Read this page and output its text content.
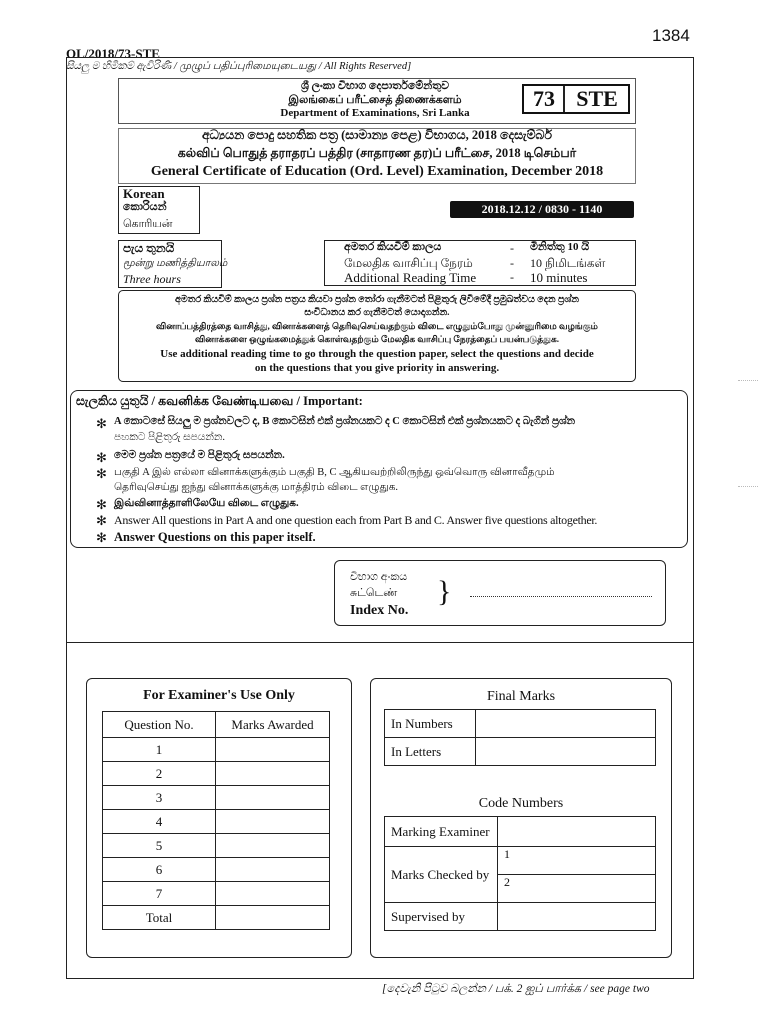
1384
OL/2018/73-STE
සියලු ම හිමිකම් ඇවිරිණි / முழுப் பதிப்புரிமையுடையது / All Rights Reserved]
ශ්‍රී ලංකා විභාග දෙපාර්තමේන්තුව
இலங்கைப் பரீட்சைத் திணைக்களம்
Department of Examinations, Sri Lanka
73 STE
අධ්‍යයන පොදු සහතික පත්‍ර (සාමාන්‍ය පෙළ) විභාගය, 2018 දෙසැම්බර්
கல்விப் பொதுத் தராதரப் பத்திர (சாதாரண தர)ப் பரீட்சை, 2018 டிசெம்பர்
General Certificate of Education (Ord. Level) Examination, December 2018
Korean
කොරියන්
கொரியன்
2018.12.12 / 0830 - 1140
පැය තුනයි
மூன்று மணித்தியாலம்
Three hours
අමතර කියවීම් කාලය	- මිනිත්තු 10 යි
மேலதிக வாசிப்பு நேரம்	- 10 நிமிடங்கள்
Additional Reading Time	- 10 minutes
අමතර කියවීම් කාලය ප්‍රශ්න පත්‍රය කියවා ප්‍රශ්න තෝරා ගැනීමටත් පිළිතුරු ලිවීමේදී ප්‍රමුඛත්වය දෙන ප්‍රශ්න
සංවිධානය කර ගැනීමටත් යොදාගන්න.
வினாப்பத்திரத்தை வாசித்து, வினாக்களைத் தெரிவுசெய்வதற்கும் விடை எழுதும்போது முன்னுரிமை வழங்கும்
வினாக்களை ஒழுங்கமைத்துக் கொள்வதற்கும் மேலதிக வாசிப்பு நேரத்தைப் பயன்படுத்துக.
Use additional reading time to go through the question paper, select the questions and decide
on the questions that you give priority in answering.
සැලකිය යුතුයි / கவனிக்க வேண்டியவை / Important:
✻ A කොටසේ සියලු ම ප්‍රශ්නවලට ද, B කොටසින් එක් ප්‍රශ්නයකට ද C කොටසින් එක් ප්‍රශ්නයකට ද බැගින් ප්‍රශ්න
පහකට පිළිතුරු සපයන්න.
✻ මෙම ප්‍රශ්න පත්‍රයේ ම පිළිතුරු සපයන්න.
✻ பகுதி A இல் எல்லா வினாக்களுக்கும் பகுதி B, C ஆகியவற்றிலிருந்து ஒவ்வொரு வினாவீதமும்
தெரிவுசெய்து ஐந்து வினாக்களுக்கு மாத்திரம் விடை எழுதுக.
✻ இவ்வினாத்தாளிலேயே விடை எழுதுக.
✻ Answer All questions in Part A and one question each from Part B and C. Answer five questions altogether.
✻ Answer Questions on this paper itself.
විභාග අංකය
சுட்டெண்
Index No.
}
For Examiner's Use Only
Question No.	Marks Awarded
1	
2	
3	
4	
5	
6	
7	
Total	
Final Marks
In Numbers	
In Letters	
Code Numbers
Marking Examiner	
Marks Checked by	1
	2
Supervised by	
[දෙවැනි පිටුව බලන්න / பக். 2 ஐப் பார்க்க / see page two
